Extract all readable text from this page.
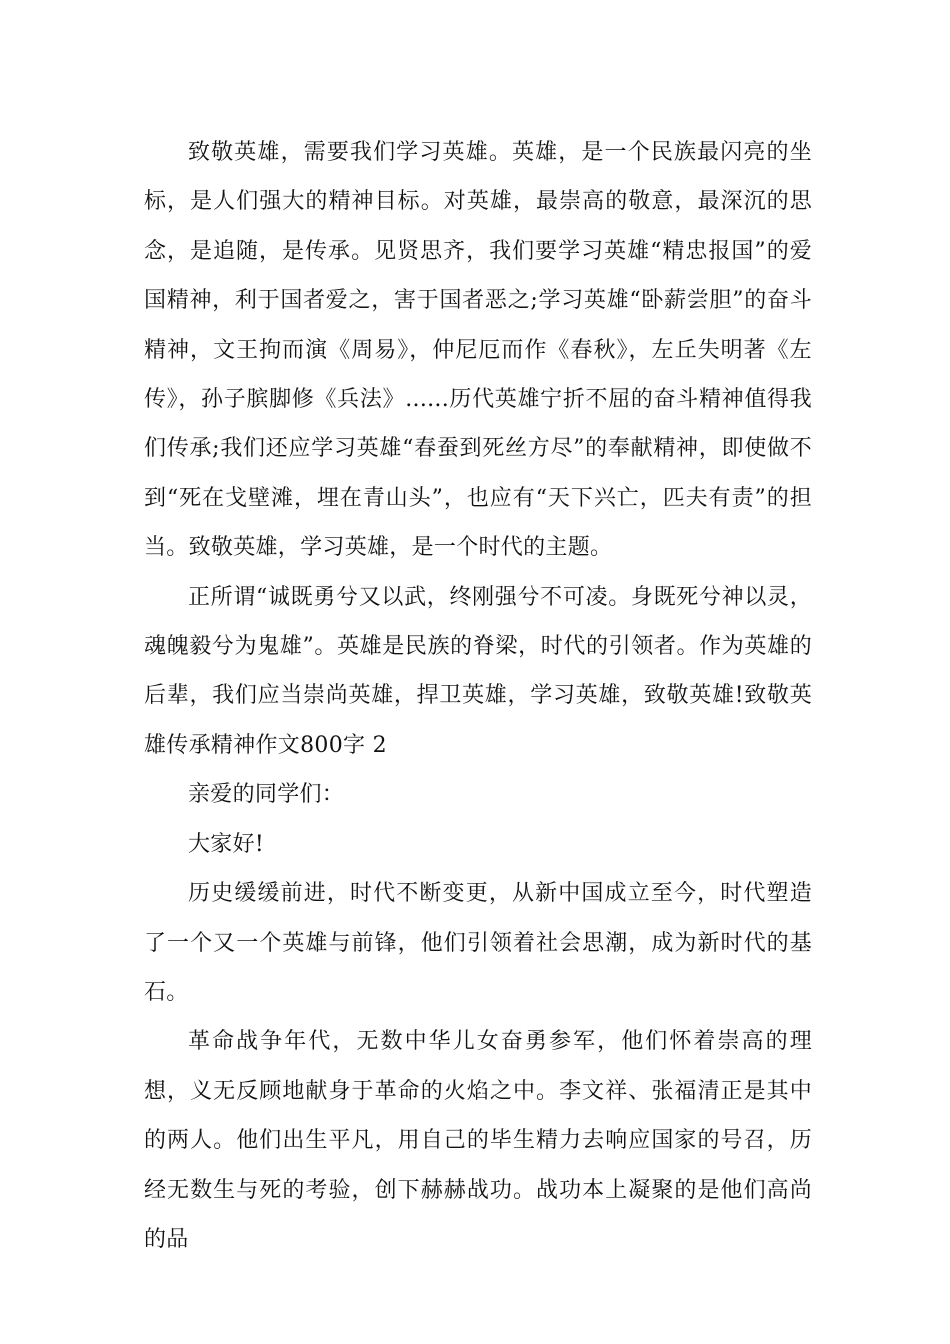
致敬英雄，需要我们学习英雄。英雄，是一个民族最闪亮的坐标，是人们强大的精神目标。对英雄，最崇高的敬意，最深沉的思念，是追随，是传承。见贤思齐，我们要学习英雄“精忠报国”的爱国精神，利于国者爱之，害于国者恶之;学习英雄“卧薪尝胆”的奋斗精神，文王拘而演《周易》，仲尼厄而作《春秋》，左丘失明著《左传》，孙子膑脚修《兵法》......历代英雄宁折不屈的奋斗精神值得我们传承;我们还应学习英雄“春蚕到死丝方尽”的奉献精神，即使做不到“死在戈壁滩，埋在青山头”，也应有“天下兴亡，匹夫有责”的担当。致敬英雄，学习英雄，是一个时代的主题。

正所谓“诚既勇兮又以武，终刚强兮不可凌。身既死兮神以灵，魂魄毅兮为鬼雄”。英雄是民族的脊梁，时代的引领者。作为英雄的后辈，我们应当崇尚英雄，捍卫英雄，学习英雄，致敬英雄!致敬英雄传承精神作文800字 2

亲爱的同学们：

大家好!

历史缓缓前进，时代不断变更，从新中国成立至今，时代塑造了一个又一个英雄与前锋，他们引领着社会思潮，成为新时代的基石。

革命战争年代，无数中华儿女奋勇参军，他们怀着崇高的理想，义无反顾地献身于革命的火焰之中。李文祥、张福清正是其中的两人。他们出生平凡，用自己的毕生精力去响应国家的号召，历经无数生与死的考验，创下赫赫战功。战功本上凝聚的是他们高尚的品
